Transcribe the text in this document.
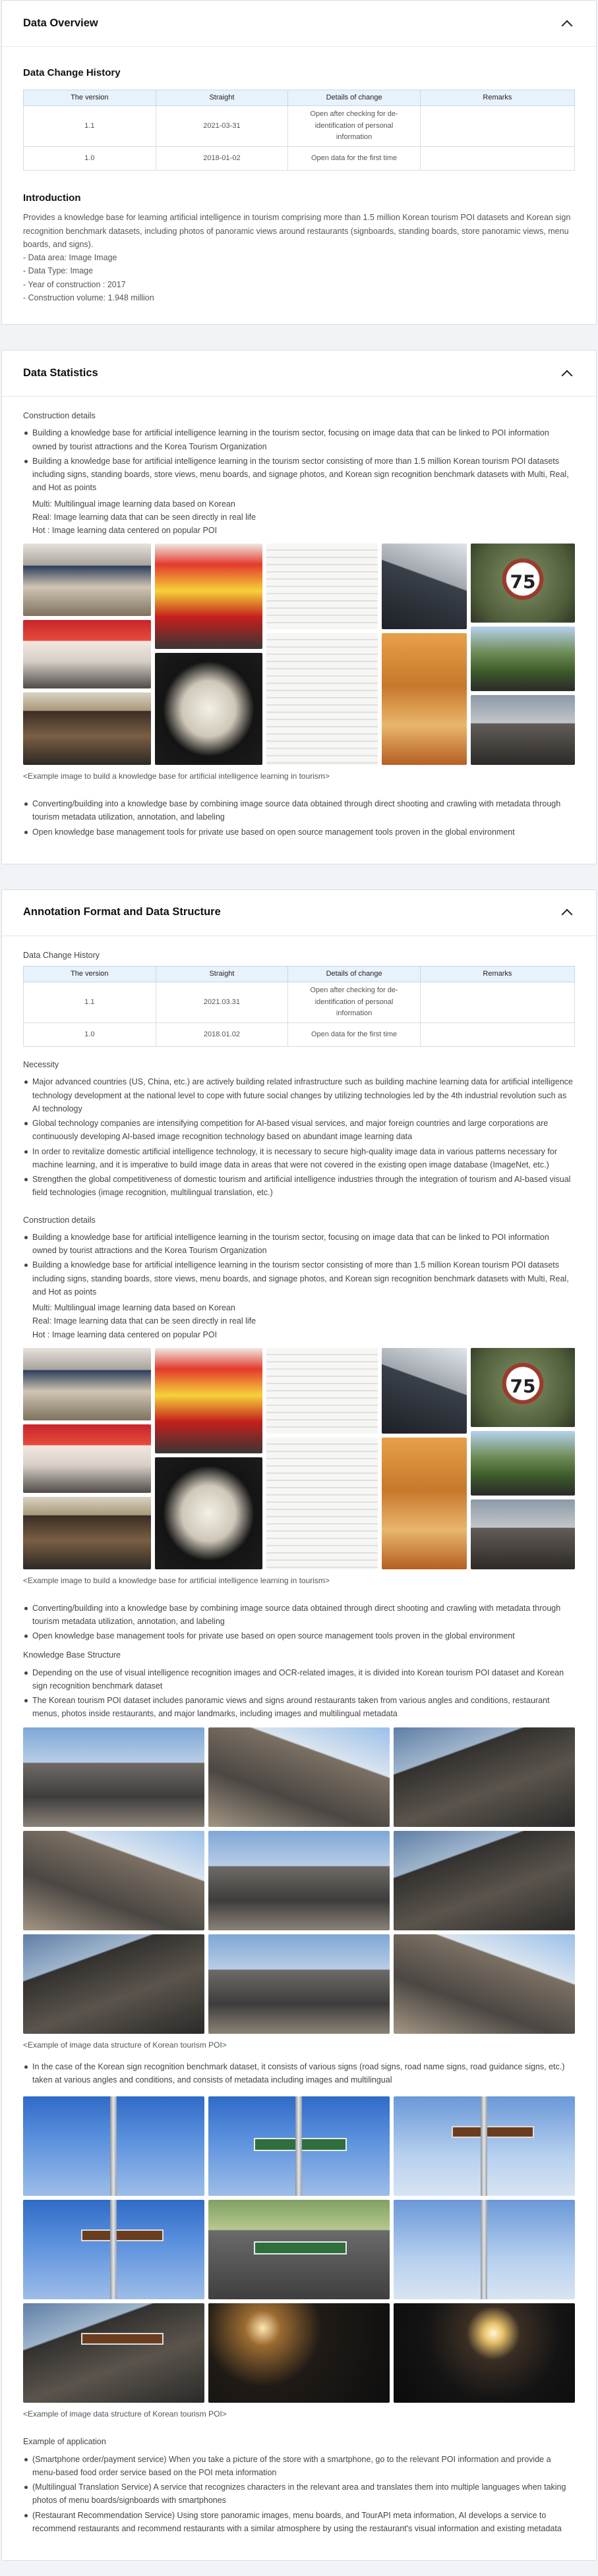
Data Overview
Data Change History
The version	Straight	Details of change	Remarks
1.1	2021-03-31	Open after checking for de-identification of personal information	
1.0	2018-01-02	Open data for the first time	
Introduction

Provides a knowledge base for learning artificial intelligence in tourism comprising more than 1.5 million Korean tourism POI datasets and Korean sign recognition benchmark datasets, including photos of panoramic views around restaurants (signboards, standing boards, store panoramic views, menu boards, and signs).

- Data area: Image Image

- Data Type: Image

- Year of construction : 2017

- Construction volume: 1.948 million

Data Statistics
Construction details
Building a knowledge base for artificial intelligence learning in the tourism sector, focusing on image data that can be linked to POI information owned by tourist attractions and the Korea Tourism Organization
Building a knowledge base for artificial intelligence learning in the tourism sector consisting of more than 1.5 million Korean tourism POI datasets including signs, standing boards, store views, menu boards, and signage photos, and Korean sign recognition benchmark datasets with Multi, Real, and Hot as points
Multi: Multilingual image learning data based on Korean
Real: Image learning data that can be seen directly in real life
Hot : Image learning data centered on popular POI
75
<Example image to build a knowledge base for artificial intelligence learning in tourism>
Converting/building into a knowledge base by combining image source data obtained through direct shooting and crawling with metadata through tourism metadata utilization, annotation, and labeling
Open knowledge base management tools for private use based on open source management tools proven in the global environment
Annotation Format and Data Structure
Data Change History
The version	Straight	Details of change	Remarks
1.1	2021.03.31	Open after checking for de-identification of personal information	
1.0	2018.01.02	Open data for the first time	
Necessity
Major advanced countries (US, China, etc.) are actively building related infrastructure such as building machine learning data for artificial intelligence technology development at the national level to cope with future social changes by utilizing technologies led by the 4th industrial revolution such as AI technology
Global technology companies are intensifying competition for AI-based visual services, and major foreign countries and large corporations are continuously developing AI-based image recognition technology based on abundant image learning data
In order to revitalize domestic artificial intelligence technology, it is necessary to secure high-quality image data in various patterns necessary for machine learning, and it is imperative to build image data in areas that were not covered in the existing open image database (ImageNet, etc.)
Strengthen the global competitiveness of domestic tourism and artificial intelligence industries through the integration of tourism and AI-based visual field technologies (image recognition, multilingual translation, etc.)
Construction details
Building a knowledge base for artificial intelligence learning in the tourism sector, focusing on image data that can be linked to POI information owned by tourist attractions and the Korea Tourism Organization
Building a knowledge base for artificial intelligence learning in the tourism sector consisting of more than 1.5 million Korean tourism POI datasets including signs, standing boards, store views, menu boards, and signage photos, and Korean sign recognition benchmark datasets with Multi, Real, and Hot as points
Multi: Multilingual image learning data based on Korean
Real: Image learning data that can be seen directly in real life
Hot : Image learning data centered on popular POI
75
<Example image to build a knowledge base for artificial intelligence learning in tourism>
Converting/building into a knowledge base by combining image source data obtained through direct shooting and crawling with metadata through tourism metadata utilization, annotation, and labeling
Open knowledge base management tools for private use based on open source management tools proven in the global environment
Knowledge Base Structure
Depending on the use of visual intelligence recognition images and OCR-related images, it is divided into Korean tourism POI dataset and Korean sign recognition benchmark dataset
The Korean tourism POI dataset includes panoramic views and signs around restaurants taken from various angles and conditions, restaurant menus, photos inside restaurants, and major landmarks, including images and multilingual metadata
<Example of image data structure of Korean tourism POI>
In the case of the Korean sign recognition benchmark dataset, it consists of various signs (road signs, road name signs, road guidance signs, etc.) taken at various angles and conditions, and consists of metadata including images and multilingual
<Example of image data structure of Korean tourism POI>
Example of application
(Smartphone order/payment service) When you take a picture of the store with a smartphone, go to the relevant POI information and provide a menu-based food order service based on the POI meta information
(Multilingual Translation Service) A service that recognizes characters in the relevant area and translates them into multiple languages when taking photos of menu boards/signboards with smartphones
(Restaurant Recommendation Service) Using store panoramic images, menu boards, and TourAPI meta information, AI develops a service to recommend restaurants and recommend restaurants with a similar atmosphere by using the restaurant's visual information and existing metadata
